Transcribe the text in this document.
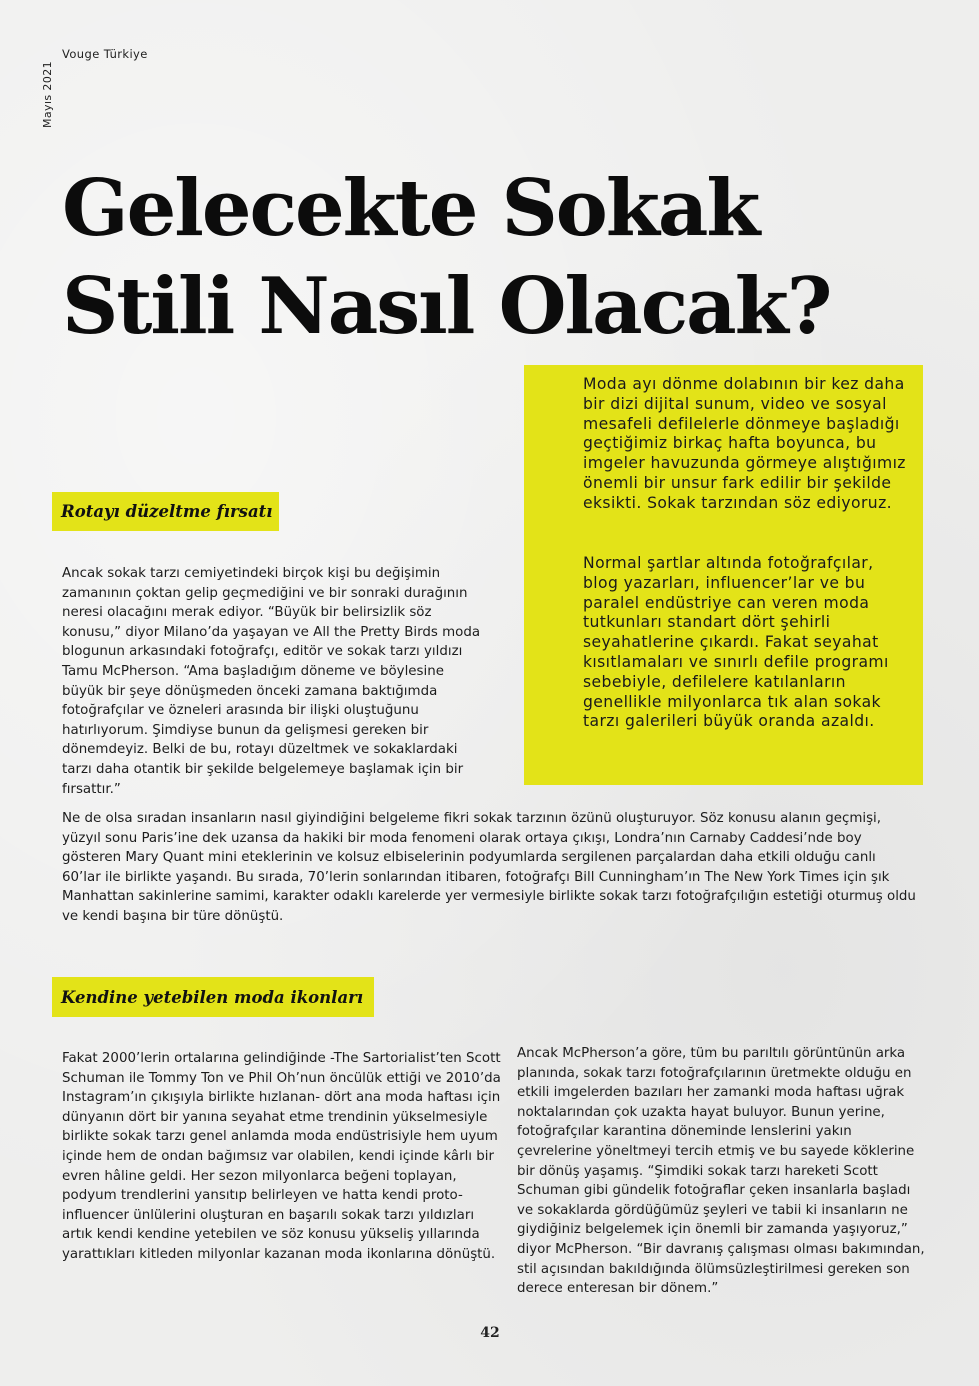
Mayıs 2021
Vouge Türkiye
Gelecekte Sokak
Stili Nasıl Olacak?
Moda ayı dönme dolabının bir kez daha bir dizi dijital sunum, video ve sosyal mesafeli defilelerle dönmeye başladığı geçtiğimiz birkaç hafta boyunca, bu imgeler havuzunda görmeye alıştığımız önemli bir unsur fark edilir bir şekilde eksikti. Sokak tarzından söz ediyoruz.
Normal şartlar altında fotoğrafçılar, blog yazarları, influencer’lar ve bu paralel endüstriye can veren moda tutkunları standart dört şehirli seyahatlerine çıkardı. Fakat seyahat kısıtlamaları ve sınırlı defile programı sebebiyle, defilelere katılanların genellikle milyonlarca tık alan sokak tarzı galerileri büyük oranda azaldı.
Rotayı düzeltme fırsatı
Ancak sokak tarzı cemiyetindeki birçok kişi bu değişimin zamanının çoktan gelip geçmediğini ve bir sonraki durağının neresi olacağını merak ediyor. “Büyük bir belirsizlik söz konusu,” diyor Milano’da yaşayan ve All the Pretty Birds moda blogunun arkasındaki fotoğrafçı, editör ve sokak tarzı yıldızı Tamu McPherson. “Ama başladığım döneme ve böylesine büyük bir şeye dönüşmeden önceki zamana baktığımda fotoğrafçılar ve özneleri arasında bir ilişki oluştuğunu hatırlıyorum. Şimdiyse bunun da gelişmesi gereken bir dönemdeyiz. Belki de bu, rotayı düzeltmek ve sokaklardaki tarzı daha otantik bir şekilde belgelemeye başlamak için bir fırsattır.”
Ne de olsa sıradan insanların nasıl giyindiğini belgeleme fikri sokak tarzının özünü oluşturuyor. Söz konusu alanın geçmişi, yüzyıl sonu Paris’ine dek uzansa da hakiki bir moda fenomeni olarak ortaya çıkışı, Londra’nın Carnaby Caddesi’nde boy gösteren Mary Quant mini eteklerinin ve kolsuz elbiselerinin podyumlarda sergilenen parçalardan daha etkili olduğu canlı 60’lar ile birlikte yaşandı. Bu sırada, 70’lerin sonlarından itibaren, fotoğrafçı Bill Cunningham’ın The New York Times için şık Manhattan sakinlerine samimi, karakter odaklı karelerde yer vermesiyle birlikte sokak tarzı fotoğrafçılığın estetiği oturmuş oldu ve kendi başına bir türe dönüştü.
Kendine yetebilen moda ikonları
Fakat 2000’lerin ortalarına gelindiğinde -The Sartorialist’ten Scott Schuman ile Tommy Ton ve Phil Oh’nun öncülük ettiği ve 2010’da Instagram’ın çıkışıyla birlikte hızlanan- dört ana moda haftası için dünyanın dört bir yanına seyahat etme trendinin yükselmesiyle birlikte sokak tarzı genel anlamda moda endüstrisiyle hem uyum içinde hem de ondan bağımsız var olabilen, kendi içinde kârlı bir evren hâline geldi. Her sezon milyonlarca beğeni toplayan, podyum trendlerini yansıtıp belirleyen ve hatta kendi proto-influencer ünlülerini oluşturan en başarılı sokak tarzı yıldızları artık kendi kendine yetebilen ve söz konusu yükseliş yıllarında yarattıkları kitleden milyonlar kazanan moda ikonlarına dönüştü.
Ancak McPherson’a göre, tüm bu parıltılı görüntünün arka planında, sokak tarzı fotoğrafçılarının üretmekte olduğu en etkili imgelerden bazıları her zamanki moda haftası uğrak noktalarından çok uzakta hayat buluyor. Bunun yerine, fotoğrafçılar karantina döneminde lenslerini yakın çevrelerine yöneltmeyi tercih etmiş ve bu sayede köklerine bir dönüş yaşamış. “Şimdiki sokak tarzı hareketi Scott Schuman gibi gündelik fotoğraflar çeken insanlarla başladı ve sokaklarda gördüğümüz şeyleri ve tabii ki insanların ne giydiğiniz belgelemek için önemli bir zamanda yaşıyoruz,” diyor McPherson. “Bir davranış çalışması olması bakımından, stil açısından bakıldığında ölümsüzleştirilmesi gereken son derece enteresan bir dönem.”
42
